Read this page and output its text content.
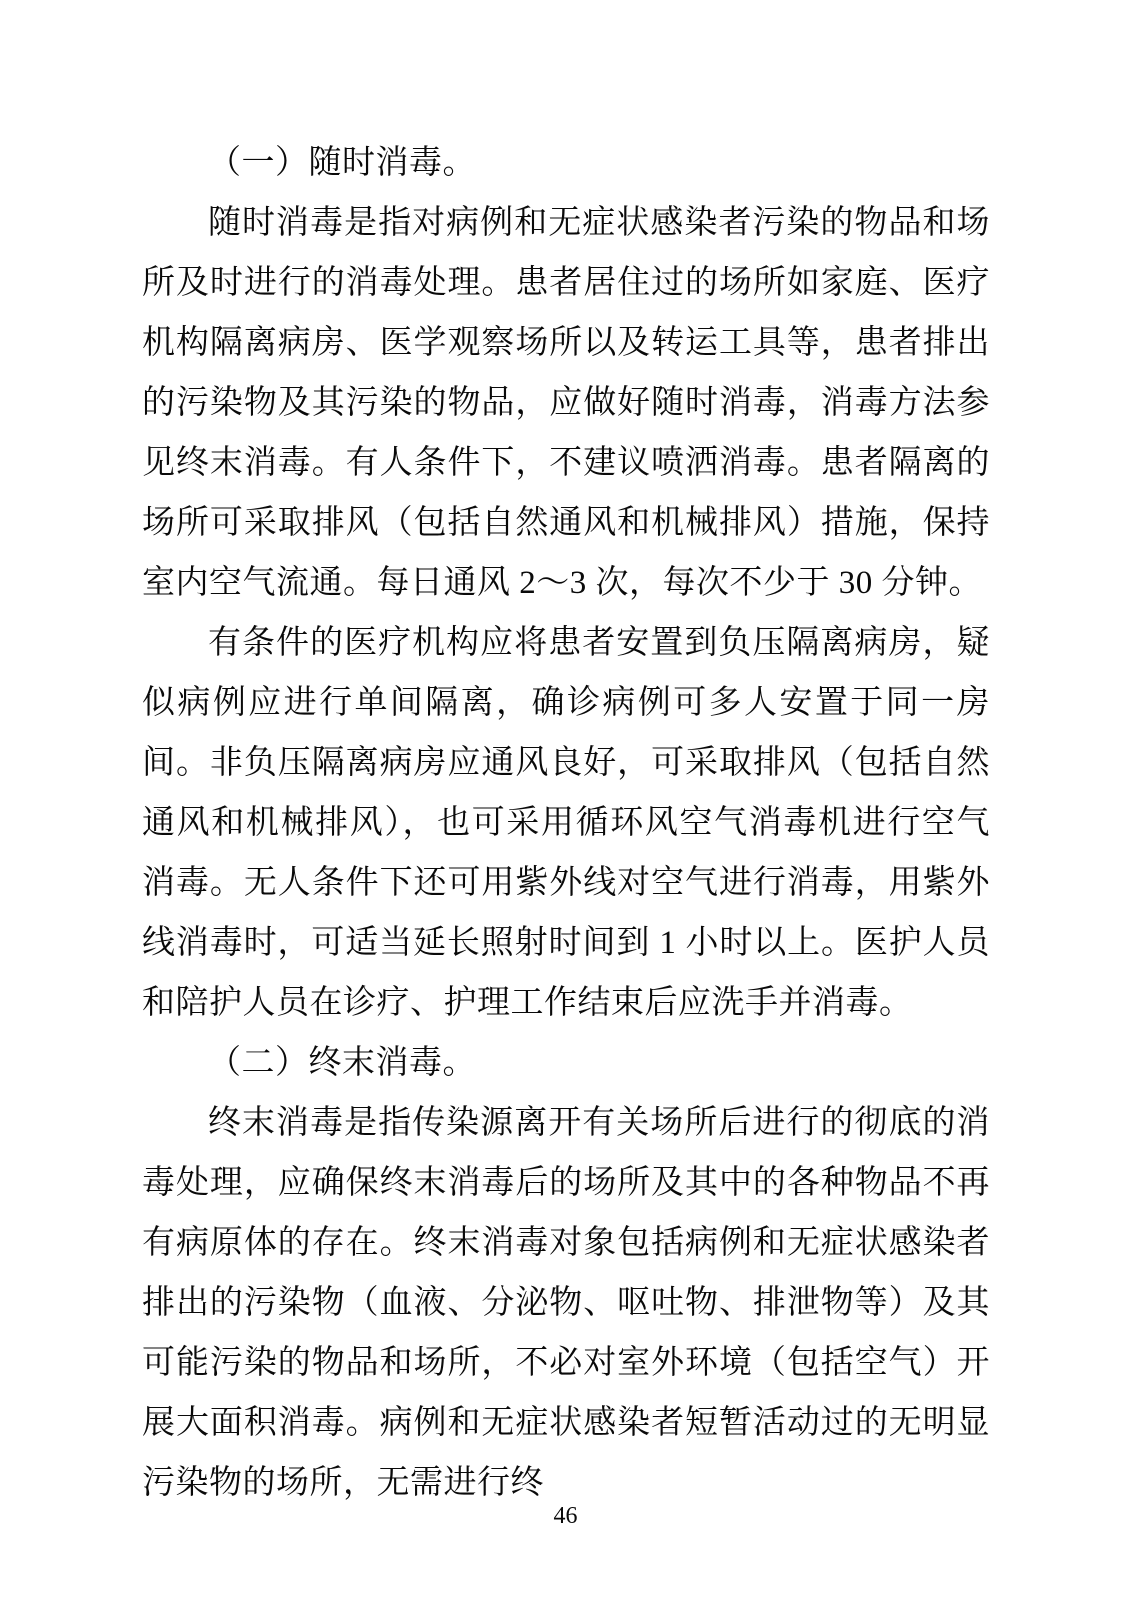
（一）随时消毒。

随时消毒是指对病例和无症状感染者污染的物品和场所及时进行的消毒处理。患者居住过的场所如家庭、医疗机构隔离病房、医学观察场所以及转运工具等，患者排出的污染物及其污染的物品，应做好随时消毒，消毒方法参见终末消毒。有人条件下，不建议喷洒消毒。患者隔离的场所可采取排风（包括自然通风和机械排风）措施，保持室内空气流通。每日通风 2～3 次，每次不少于 30 分钟。

有条件的医疗机构应将患者安置到负压隔离病房，疑似病例应进行单间隔离，确诊病例可多人安置于同一房间。非负压隔离病房应通风良好，可采取排风（包括自然通风和机械排风），也可采用循环风空气消毒机进行空气消毒。无人条件下还可用紫外线对空气进行消毒，用紫外线消毒时，可适当延长照射时间到 1 小时以上。医护人员和陪护人员在诊疗、护理工作结束后应洗手并消毒。

（二）终末消毒。

终末消毒是指传染源离开有关场所后进行的彻底的消毒处理，应确保终末消毒后的场所及其中的各种物品不再有病原体的存在。终末消毒对象包括病例和无症状感染者排出的污染物（血液、分泌物、呕吐物、排泄物等）及其可能污染的物品和场所，不必对室外环境（包括空气）开展大面积消毒。病例和无症状感染者短暂活动过的无明显污染物的场所，无需进行终

46
